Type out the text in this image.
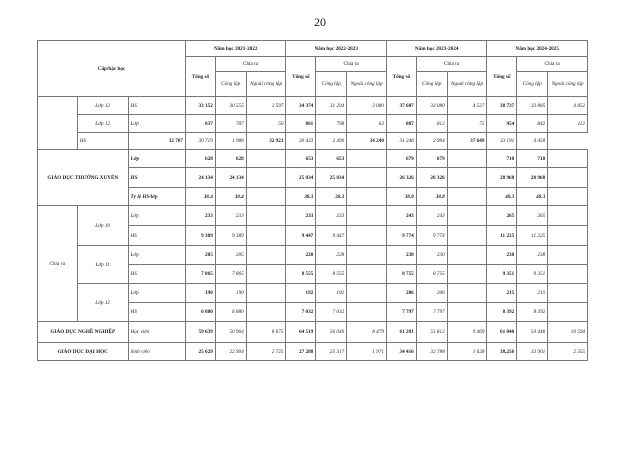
20
Cấp/bậc học			Năm học 2021-2022			Năm học 2022-2023			Năm học 2023-2024			Năm học 2024-2025		
			Tổng số	Chia ra		Tổng số	Chia ra		Tổng số	Chia ra		Tổng số	Chia ra	
				Công lập	Ngoài công lập		Công lập	Ngoài công lập		Công lập	Ngoài công lập		Công lập	Ngoài công lập
	Lớp 12	HS	33 152	30 555	2 597	34 374	31 294	3 080	37 607	33 080	4 527	38 737	33 885	4 852
	Lớp 12	Lớp	837	787	50	861	798	63	887	812	75	954	842	112
	HS	32 707	30 719	1 988	32 923	30 433	2 490	34 240	31 246	2 994	37 649	33 191	4 458	
GIÁO DỤC THƯỜNG XUYÊN		Lớp	628	628		653	653		679	679		718	718	
		HS	24 134	24 134		25 034	25 034		26 326	26 326		28 968	28 968	
		Tỷ lệ HS/lớp	38.4	38.4		38.3	38.3		38.8	38.8		40.3	40.3	
Chia ra	Lớp 10	Lớp	233	233		233	233		243	243		265	265	
		HS	9 389	9 389		9 447	9 447		9 774	9 774		11 225	11 225	
	Lớp 11	Lớp	205	205		228	228		230	230		238	238	
		HS	7 865	7 865		8 555	8 555		8 755	8 755		9 351	9 351	
	Lớp 12	Lớp	190	190		192	192		206	206		215	215	
		HS	6 880	6 880		7 032	7 032		7 797	7 797		8 392	8 392	
GIÁO DỤC NGHỀ NGHIỆP		Học viên	59 639	50 964	8 675	64 519	56 040	8 479	61 281	51 812	9 469	61 040	50 446	10 594
GIÁO DỤC ĐẠI HỌC		Sinh viên	25 629	22 904	2 725	27 288	25 317	1 971	34 416	32 788	1 628	38,256	33 901	2 355
